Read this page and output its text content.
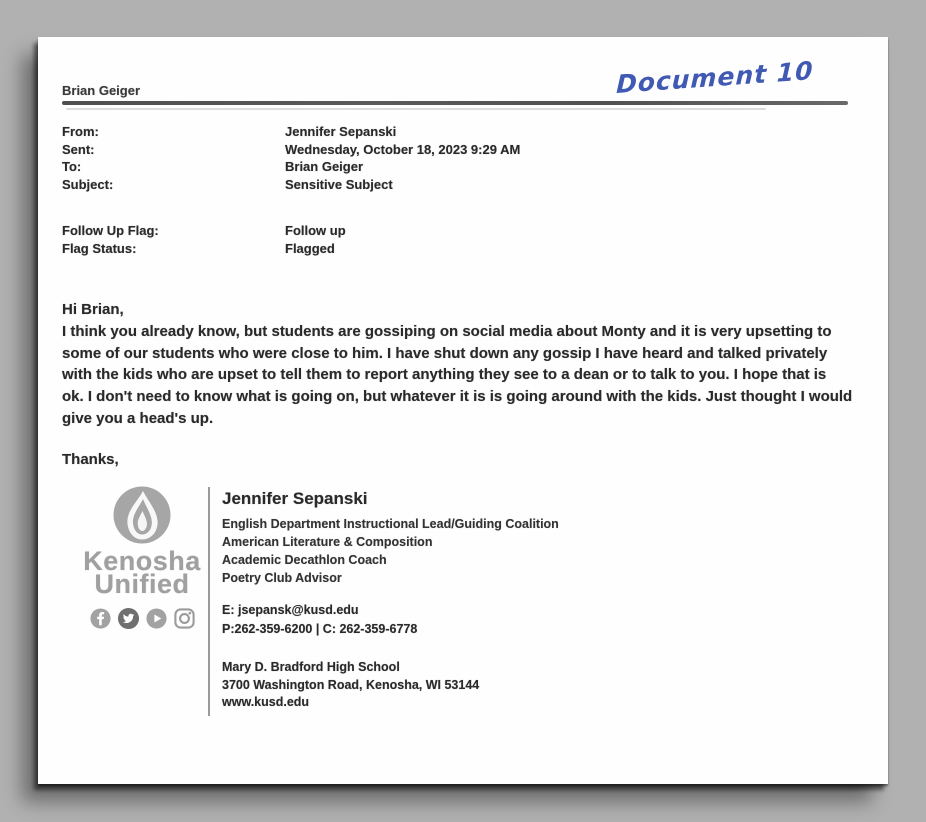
Brian Geiger	Document 10
From:	Jennifer Sepanski
Sent:	Wednesday, October 18, 2023 9:29 AM
To:	Brian Geiger
Subject:	Sensitive Subject
Follow Up Flag:	Follow up
Flag Status:	Flagged
Hi Brian,
I think you already know, but students are gossiping on social media about Monty and it is very upsetting to
some of our students who were close to him. I have shut down any gossip I have heard and talked privately
with the kids who are upset to tell them to report anything they see to a dean or to talk to you. I hope that is
ok. I don't need to know what is going on, but whatever it is is going around with the kids. Just thought I would
give you a head's up.
Thanks,
Kenosha
Unified
Jennifer Sepanski
English Department Instructional Lead/Guiding Coalition
American Literature & Composition
Academic Decathlon Coach
Poetry Club Advisor
E: jsepansk@kusd.edu
P:262-359-6200 | C: 262-359-6778
Mary D. Bradford High School
3700 Washington Road, Kenosha, WI 53144
www.kusd.edu
